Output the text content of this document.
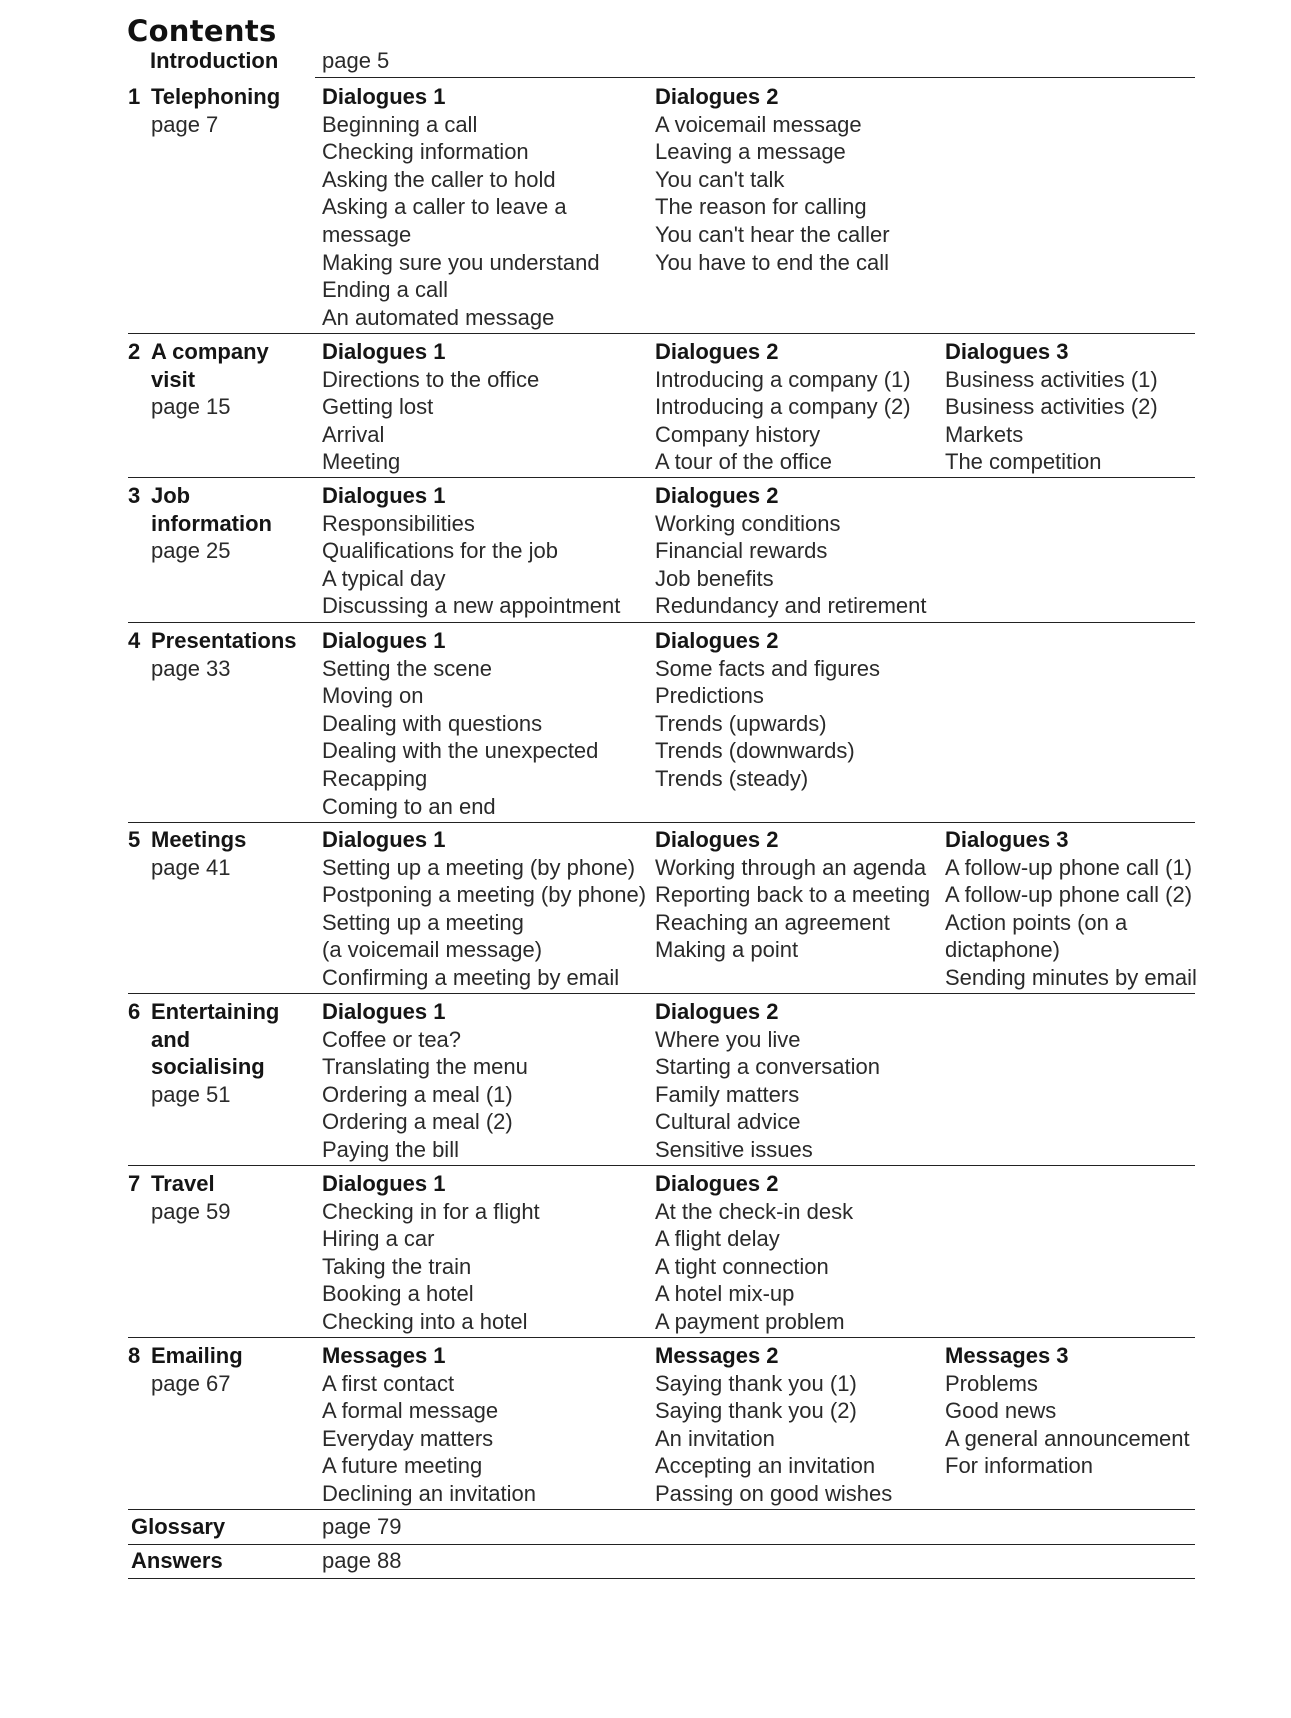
Contents
Introduction page 5
1 Telephoning
page 7
Dialogues 1
Beginning a call
Checking information
Asking the caller to hold
Asking a caller to leave a
message
Making sure you understand
Ending a call
An automated message
Dialogues 2
A voicemail message
Leaving a message
You can't talk
The reason for calling
You can't hear the caller
You have to end the call
2 A company
visit
page 15
Dialogues 1
Directions to the office
Getting lost
Arrival
Meeting
Dialogues 2
Introducing a company (1)
Introducing a company (2)
Company history
A tour of the office
Dialogues 3
Business activities (1)
Business activities (2)
Markets
The competition
3 Job
information
page 25
Dialogues 1
Responsibilities
Qualifications for the job
A typical day
Discussing a new appointment
Dialogues 2
Working conditions
Financial rewards
Job benefits
Redundancy and retirement
4 Presentations
page 33
Dialogues 1
Setting the scene
Moving on
Dealing with questions
Dealing with the unexpected
Recapping
Coming to an end
Dialogues 2
Some facts and figures
Predictions
Trends (upwards)
Trends (downwards)
Trends (steady)
5 Meetings
page 41
Dialogues 1
Setting up a meeting (by phone)
Postponing a meeting (by phone)
Setting up a meeting
(a voicemail message)
Confirming a meeting by email
Dialogues 2
Working through an agenda
Reporting back to a meeting
Reaching an agreement
Making a point
Dialogues 3
A follow-up phone call (1)
A follow-up phone call (2)
Action points (on a
dictaphone)
Sending minutes by email
6 Entertaining
and
socialising
page 51
Dialogues 1
Coffee or tea?
Translating the menu
Ordering a meal (1)
Ordering a meal (2)
Paying the bill
Dialogues 2
Where you live
Starting a conversation
Family matters
Cultural advice
Sensitive issues
7 Travel
page 59
Dialogues 1
Checking in for a flight
Hiring a car
Taking the train
Booking a hotel
Checking into a hotel
Dialogues 2
At the check-in desk
A flight delay
A tight connection
A hotel mix-up
A payment problem
8 Emailing
page 67
Messages 1
A first contact
A formal message
Everyday matters
A future meeting
Declining an invitation
Messages 2
Saying thank you (1)
Saying thank you (2)
An invitation
Accepting an invitation
Passing on good wishes
Messages 3
Problems
Good news
A general announcement
For information
Glossary	page 79
Answers	page 88
